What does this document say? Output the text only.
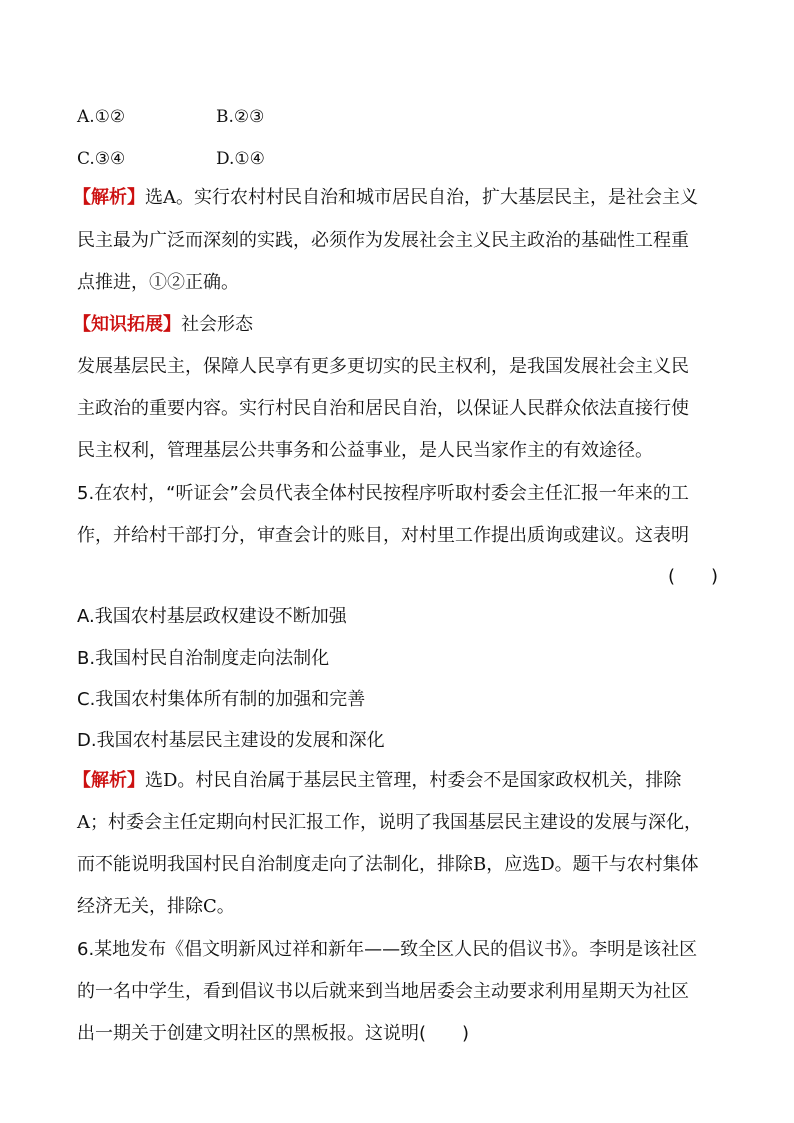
A.①②	B.②③
C.③④	D.①④
【解析】选A。实行农村村民自治和城市居民自治，扩大基层民主，是社会主义
民主最为广泛而深刻的实践，必须作为发展社会主义民主政治的基础性工程重
点推进，①②正确。
【知识拓展】社会形态
发展基层民主，保障人民享有更多更切实的民主权利，是我国发展社会主义民
主政治的重要内容。实行村民自治和居民自治，以保证人民群众依法直接行使
民主权利，管理基层公共事务和公益事业，是人民当家作主的有效途径。
5.在农村，“听证会”会员代表全体村民按程序听取村委会主任汇报一年来的工
作，并给村干部打分，审查会计的账目，对村里工作提出质询或建议。这表明
(　　)
A.我国农村基层政权建设不断加强
B.我国村民自治制度走向法制化
C.我国农村集体所有制的加强和完善
D.我国农村基层民主建设的发展和深化
【解析】选D。村民自治属于基层民主管理，村委会不是国家政权机关，排除
A；村委会主任定期向村民汇报工作，说明了我国基层民主建设的发展与深化，
而不能说明我国村民自治制度走向了法制化，排除B，应选D。题干与农村集体
经济无关，排除C。
6.某地发布《倡文明新风过祥和新年——致全区人民的倡议书》。李明是该社区
的一名中学生，看到倡议书以后就来到当地居委会主动要求利用星期天为社区
出一期关于创建文明社区的黑板报。这说明(　　)
